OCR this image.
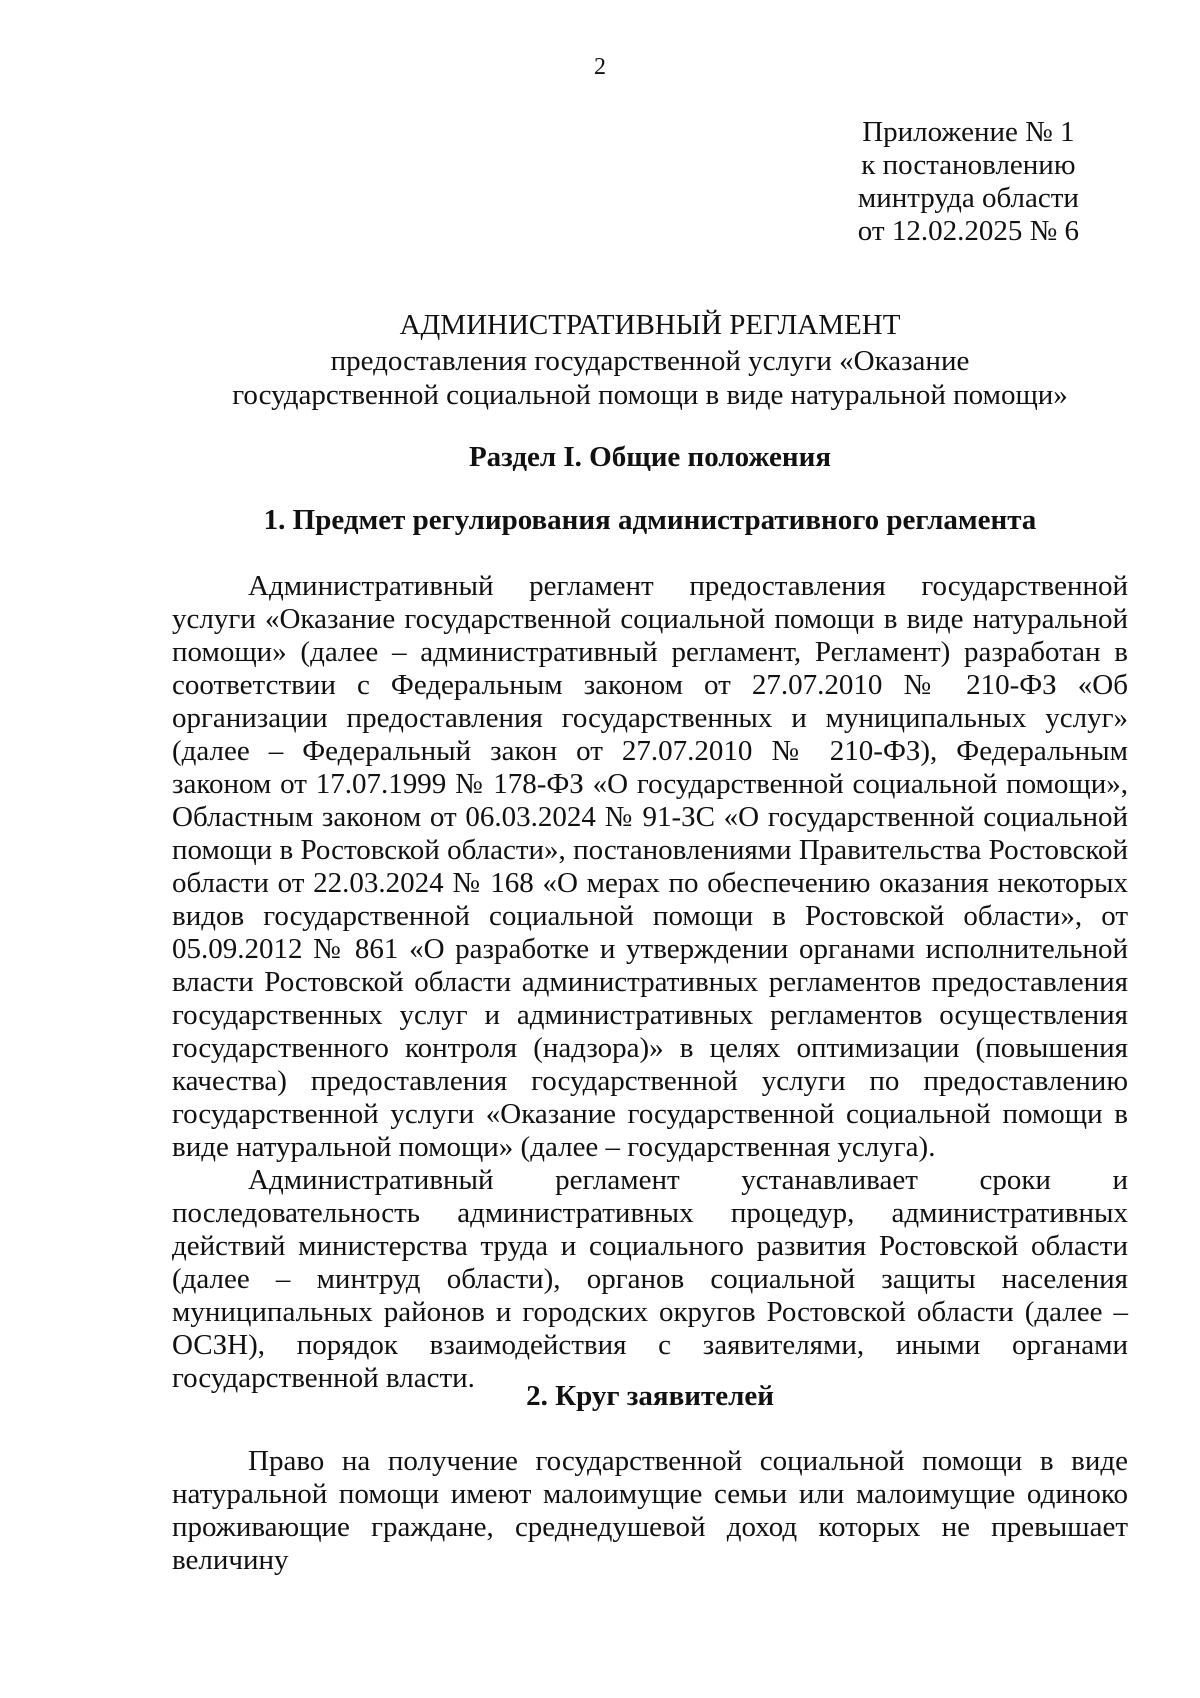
2
Приложение № 1
к постановлению
минтруда области
от 12.02.2025 № 6
АДМИНИСТРАТИВНЫЙ РЕГЛАМЕНТ
предоставления государственной услуги «Оказание
государственной социальной помощи в виде натуральной помощи»
Раздел I. Общие положения
1. Предмет регулирования административного регламента

Административный регламент предоставления государственной услуги «Оказание государственной социальной помощи в виде натуральной помощи» (далее – административный регламент, Регламент) разработан в соответствии с Федеральным законом от 27.07.2010 № 210-ФЗ «Об организации предоставления государственных и муниципальных услуг» (далее – Федеральный закон от 27.07.2010 № 210-ФЗ), Федеральным законом от 17.07.1999 № 178-ФЗ «О государственной социальной помощи», Областным законом от 06.03.2024 № 91-ЗС «О государственной социальной помощи в Ростовской области», постановлениями Правительства Ростовской области от 22.03.2024 № 168 «О мерах по обеспечению оказания некоторых видов государственной социальной помощи в Ростовской области», от 05.09.2012 № 861 «О разработке и утверждении органами исполнительной власти Ростовской области административных регламентов предоставления государственных услуг и административных регламентов осуществления государственного контроля (надзора)» в целях оптимизации (повышения качества) предоставления государственной услуги по предоставлению государственной услуги «Оказание государственной социальной помощи в виде натуральной помощи» (далее – государственная услуга).

Административный регламент устанавливает сроки и последовательность административных процедур, административных действий министерства труда и социального развития Ростовской области (далее – минтруд области), органов социальной защиты населения муниципальных районов и городских округов Ростовской области (далее – ОСЗН), порядок взаимодействия с заявителями, иными органами государственной власти.

2. Круг заявителей

Право на получение государственной социальной помощи в виде натуральной помощи имеют малоимущие семьи или малоимущие одиноко проживающие граждане, среднедушевой доход которых не превышает величину
